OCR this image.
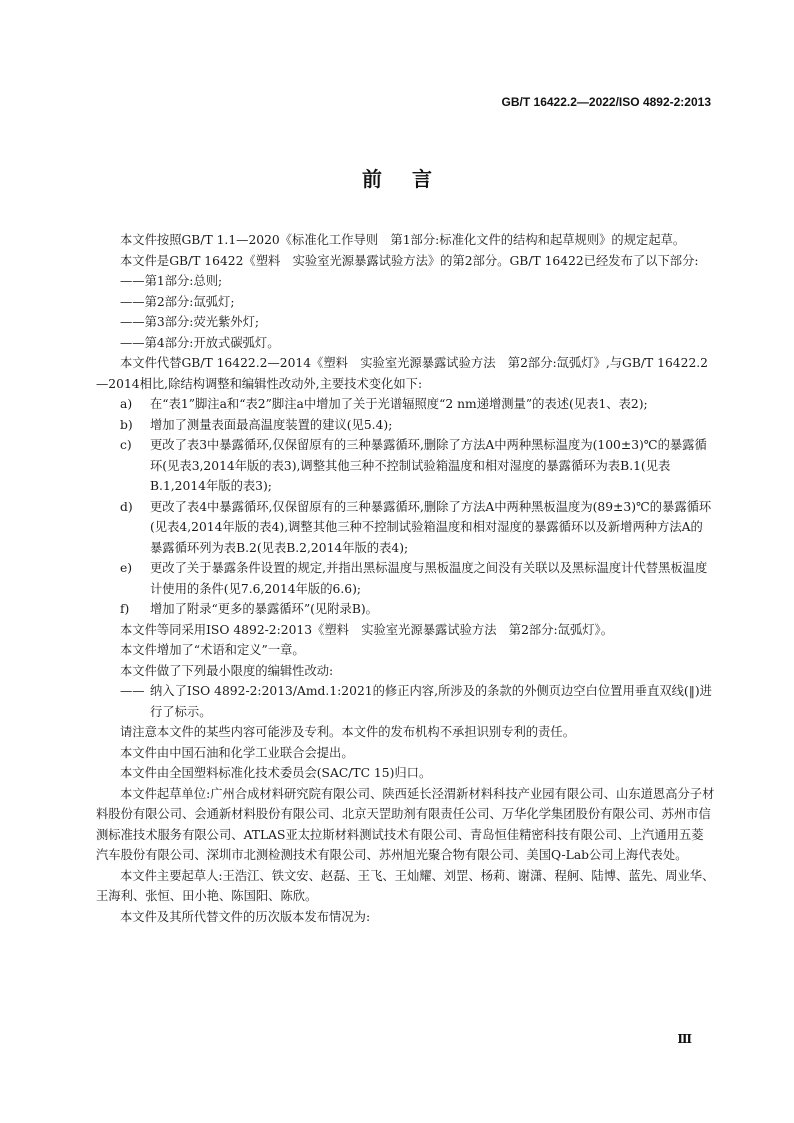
GB/T 16422.2—2022/ISO 4892-2:2013
前言

本文件按照GB/T 1.1—2020《标准化工作导则　第1部分:标准化文件的结构和起草规则》的规定起草。

本文件是GB/T 16422《塑料　实验室光源暴露试验方法》的第2部分。GB/T 16422已经发布了以下部分:

——第1部分:总则;

——第2部分:氙弧灯;

——第3部分:荧光紫外灯;

——第4部分:开放式碳弧灯。

本文件代替GB/T 16422.2—2014《塑料　实验室光源暴露试验方法　第2部分:氙弧灯》,与GB/T 16422.2—2014相比,除结构调整和编辑性改动外,主要技术变化如下:

a)	在“表1”脚注a和“表2”脚注a中增加了关于光谱辐照度“2 nm递增测量”的表述(见表1、表2);
b)	增加了测量表面最高温度装置的建议(见5.4);
c)	更改了表3中暴露循环,仅保留原有的三种暴露循环,删除了方法A中两种黑标温度为(100±3)℃的暴露循环(见表3,2014年版的表3),调整其他三种不控制试验箱温度和相对湿度的暴露循环为表B.1(见表B.1,2014年版的表3);
d)	更改了表4中暴露循环,仅保留原有的三种暴露循环,删除了方法A中两种黑板温度为(89±3)℃的暴露循环(见表4,2014年版的表4),调整其他三种不控制试验箱温度和相对湿度的暴露循环以及新增两种方法A的暴露循环列为表B.2(见表B.2,2014年版的表4);
e)	更改了关于暴露条件设置的规定,并指出黑标温度与黑板温度之间没有关联以及黑标温度计代替黑板温度计使用的条件(见7.6,2014年版的6.6);
f)	增加了附录“更多的暴露循环”(见附录B)。

本文件等同采用ISO 4892-2:2013《塑料　实验室光源暴露试验方法　第2部分:氙弧灯》。

本文件增加了“术语和定义”一章。

本文件做了下列最小限度的编辑性改动:

—— 纳入了ISO 4892-2:2013/Amd.1:2021的修正内容,所涉及的条款的外侧页边空白位置用垂直双线(‖)进行了标示。

请注意本文件的某些内容可能涉及专利。本文件的发布机构不承担识别专利的责任。

本文件由中国石油和化学工业联合会提出。

本文件由全国塑料标准化技术委员会(SAC/TC 15)归口。

本文件起草单位:广州合成材料研究院有限公司、陕西延长泾渭新材料科技产业园有限公司、山东道恩高分子材料股份有限公司、会通新材料股份有限公司、北京天罡助剂有限责任公司、万华化学集团股份有限公司、苏州市信测标准技术服务有限公司、ATLAS亚太拉斯材料测试技术有限公司、青岛恒佳精密科技有限公司、上汽通用五菱汽车股份有限公司、深圳市北测检测技术有限公司、苏州旭光聚合物有限公司、美国Q-Lab公司上海代表处。

本文件主要起草人:王浩江、铁文安、赵磊、王飞、王灿耀、刘罡、杨莉、谢潇、程舸、陆博、蓝先、周业华、王海利、张恒、田小艳、陈国阳、陈欣。

本文件及其所代替文件的历次版本发布情况为:

Ⅲ
